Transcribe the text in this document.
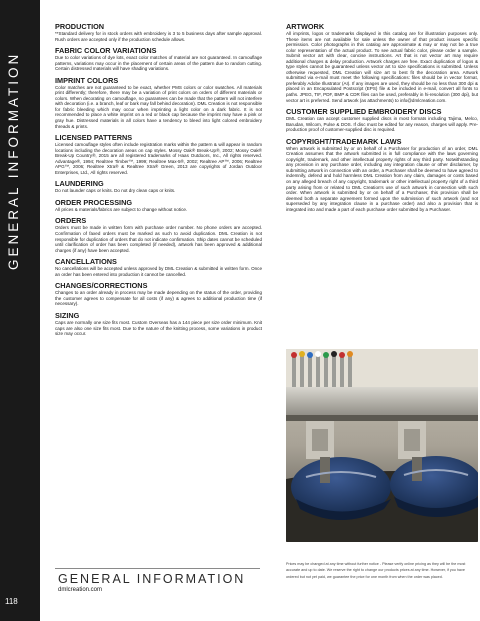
GENERAL INFORMATION
118
PRODUCTION

**Standard delivery for in stock orders with embroidery is 3 to 5 business days after sample approval. Rush orders are accepted only if the production schedule allows.

FABRIC COLOR VARIATIONS

Due to color variations of dye lots, exact color matches of material are not guaranteed. In camouflage patterns, variations may occur in the placement of certain areas of the pattern due to random cutting. Certain distressed materials will have shading variations.

IMPRINT COLORS

Color matches are not guaranteed to be exact, whether PMS colors or color swatches. All materials print differently; therefore, there may be a variation of print colors on orders of different materials or colors. When decorating on camouflage, no guarantees can be made that the pattern will not interfere with decoration (i.e. a branch, leaf or bark may fall behind decoration). DML Creation is not responsible for fabric bleeding which may occur when imprinting a light color on a dark fabric. It is not recommended to place a white imprint on a red or black cap because the imprint may have a pink or gray hue. Distressed materials in all colors have a tendency to bleed into light colored embroidery threads & prints.

LICENSED PATTERNS

Licensed camouflage styles often include registration marks within the pattern & will appear in random locations including the decoration areas on cap styles. Mossy Oak® Break-Up®, 2002; Mossy Oak® Break-Up Country®, 2015 are all registered trademarks of Haas Outdoors, Inc., All rights reserved. Advantage®, 1994; Realtree Timber™, 1999; Realtree Max-5®, 2002; Realtree AP™, 2006; Realtree APG™, 2006; Realtree Xtra® & Realtree Xtra® Green, 2013 are copyrights of Jordan Outdoor Enterprises, Ltd., All rights reserved.

LAUNDERING

Do not launder caps or knits. Do not dry clean caps or knits.

ORDER PROCESSING

All prices & materials/fabrics are subject to change without notice.

ORDERS

Orders must be made in written form with purchase order number. No phone orders are accepted. Confirmation of faxed orders must be marked as such to avoid duplication. DML Creation is not responsible for duplication of orders that do not indicate confirmation. Ship dates cannot be scheduled until clarification of order has been completed (if needed), artwork has been approved & additional charges (if any) have been accepted.

CANCELLATIONS

No cancellations will be accepted unless approved by DML Creation & submitted in written form. Once an order has been entered into production it cannot be cancelled.

CHANGES/CORRECTIONS

Changes to an order already in process may be made depending on the status of the order, providing the customer agrees to compensate for all costs (if any) & agrees to additional production time (if necessary).

SIZING

Caps are normally one size fits most. Custom Overseas has a 144 piece per size order minimum. Knit caps are also one size fits most. Due to the nature of the knitting process, some variations in product size may occur.

ARTWORK

All imprints, logos or trademarks displayed in this catalog are for illustration purposes only. These items are not available for sale unless the owner of that product issues specific permission. Color photographs in this catalog are approximate & may or may not be a true color representation of the actual product. To see actual fabric color, please order a sample. Submit vector art with clear, concise instructions. Art that is not vector art may require additional charges & delay production. Artwork charges are free. Exact duplication of logos & type styles cannot be guaranteed unless vector art to size specifications is submitted. Unless otherwise requested, DML Creation will size art to best fit the decoration area. Artwork submitted via e-mail must meet the following specifications: files should be in vector format, preferably Adobe Illustrator (AI). If any images are used, they should be no less than 300 dpi & placed in an Encapsulated Postscript (EPS) file & be included in e-mail, convert all fonts to paths. JPEG, TIF, PDF, BMP & CDR files can be used, preferably in hi-resolution (300 dpi), but vector art is preferred. Send artwork (as attachments) to info@dmlcreation.com.

CUSTOMER SUPPLIED EMBROIDERY DISCS

DML Creation can accept customer supplied discs in most formats including Tajima, Melco, Barudan, Wilcom, Pulse & DOS. If disc must be edited for any reason, charges will apply. Pre-production proof of customer-supplied disc is required.

COPYRIGHT/TRADEMARK LAWS

When artwork is submitted by or on behalf of a Purchaser for production of an order, DML Creation assumes that the artwork submitted is in full compliance with the laws governing copyright, trademark, and other intellectual property rights of any third party. Notwithstanding any provision in any purchase order, including any integration clause or other disclaimer, by submitting artwork in connection with an order, a Purchaser shall be deemed to have agreed to indemnify, defend and hold harmless DML Creation from any claim, damages or costs based on any alleged breach of any copyright, trademark or other intellectual property right of a third party arising from or related to DML Creation's use of such artwork in connection with such order. When artwork is submitted by or on behalf of a Purchaser, this provision shall be deemed both a separate agreement formed upon the submission of such artwork (and not superseded by any integration clause in a purchase order) and also a provision that is integrated into and made a part of each purchase order submitted by a Purchaser.

GENERAL INFORMATION
dmlcreation.com
Prices may be changed at any time without further notice - Please verify online pricing as they will be the most accurate and up to date. We reserve the right to change our products prices at any time. However, if you have ordered but not yet paid, we guarantee the price for one month from when the order was placed.
